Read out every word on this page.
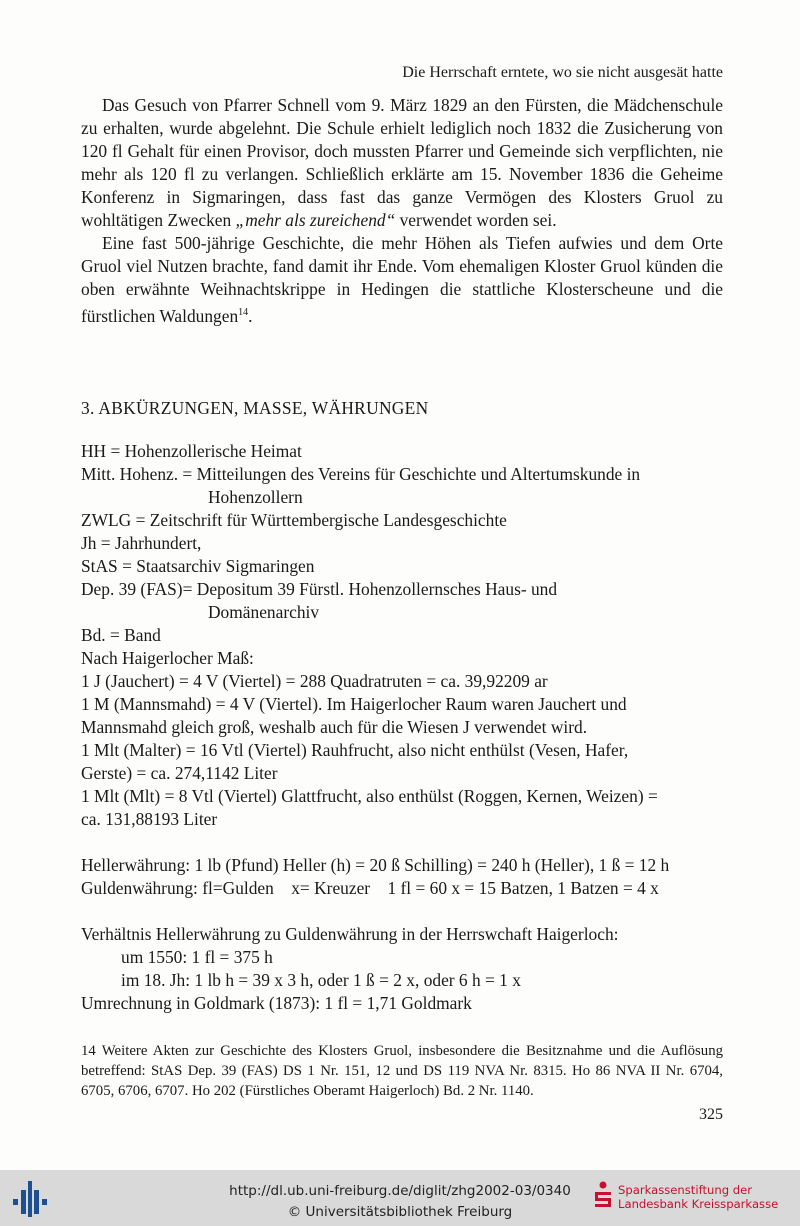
Die Herrschaft erntete, wo sie nicht ausgesät hatte

Das Gesuch von Pfarrer Schnell vom 9. März 1829 an den Fürsten, die Mädchenschule zu erhalten, wurde abgelehnt. Die Schule erhielt lediglich noch 1832 die Zusicherung von 120 fl Gehalt für einen Provisor, doch mussten Pfarrer und Gemeinde sich verpflichten, nie mehr als 120 fl zu verlangen. Schließlich erklärte am 15. November 1836 die Geheime Konferenz in Sigmaringen, dass fast das ganze Vermögen des Klosters Gruol zu wohltätigen Zwecken „mehr als zureichend“ verwendet worden sei.

Eine fast 500-jährige Geschichte, die mehr Höhen als Tiefen aufwies und dem Orte Gruol viel Nutzen brachte, fand damit ihr Ende. Vom ehemaligen Kloster Gruol künden die oben erwähnte Weihnachtskrippe in Hedingen die stattliche Klosterscheune und die fürstlichen Waldungen$^{14}$.

3. ABKÜRZUNGEN, MASSE, WÄHRUNGEN

HH = Hohenzollerische Heimat

Mitt. Hohenz. = Mitteilungen des Vereins für Geschichte und Altertumskunde in

Hohenzollern

ZWLG = Zeitschrift für Württembergische Landesgeschichte

Jh = Jahrhundert,

StAS = Staatsarchiv Sigmaringen

Dep. 39 (FAS)= Depositum 39 Fürstl. Hohenzollernsches Haus- und

Domänenarchiv

Bd. = Band

Nach Haigerlocher Maß:

1 J (Jauchert) = 4 V (Viertel) = 288 Quadratruten = ca. 39,92209 ar

1 M (Mannsmahd) = 4 V (Viertel). Im Haigerlocher Raum waren Jauchert und

Mannsmahd gleich groß, weshalb auch für die Wiesen J verwendet wird.

1 Mlt (Malter) = 16 Vtl (Viertel) Rauhfrucht, also nicht enthülst (Vesen, Hafer,

Gerste) = ca. 274,1142 Liter

1 Mlt (Mlt) = 8 Vtl (Viertel) Glattfrucht, also enthülst (Roggen, Kernen, Weizen) =

ca. 131,88193 Liter

Hellerwährung: 1 lb (Pfund) Heller (h) = 20 ß Schilling) = 240 h (Heller), 1 ß = 12 h

Guldenwährung: fl=Gulden    x= Kreuzer    1 fl = 60 x = 15 Batzen, 1 Batzen = 4 x

Verhältnis Hellerwährung zu Guldenwährung in der Herrswchaft Haigerloch:

um 1550: 1 fl = 375 h

im 18. Jh: 1 lb h = 39 x 3 h, oder 1 ß = 2 x, oder 6 h = 1 x

Umrechnung in Goldmark (1873): 1 fl = 1,71 Goldmark

14 Weitere Akten zur Geschichte des Klosters Gruol, insbesondere die Besitznahme und die Auflösung betreffend: StAS Dep. 39 (FAS) DS 1 Nr. 151, 12 und DS 119 NVA Nr. 8315. Ho 86 NVA II Nr. 6704, 6705, 6706, 6707. Ho 202 (Fürstliches Oberamt Haigerloch) Bd. 2 Nr. 1140.
325
http://dl.ub.uni-freiburg.de/diglit/zhg2002-03/0340
© Universitätsbibliothek Freiburg
Sparkassenstiftung der
Landesbank Kreissparkasse
